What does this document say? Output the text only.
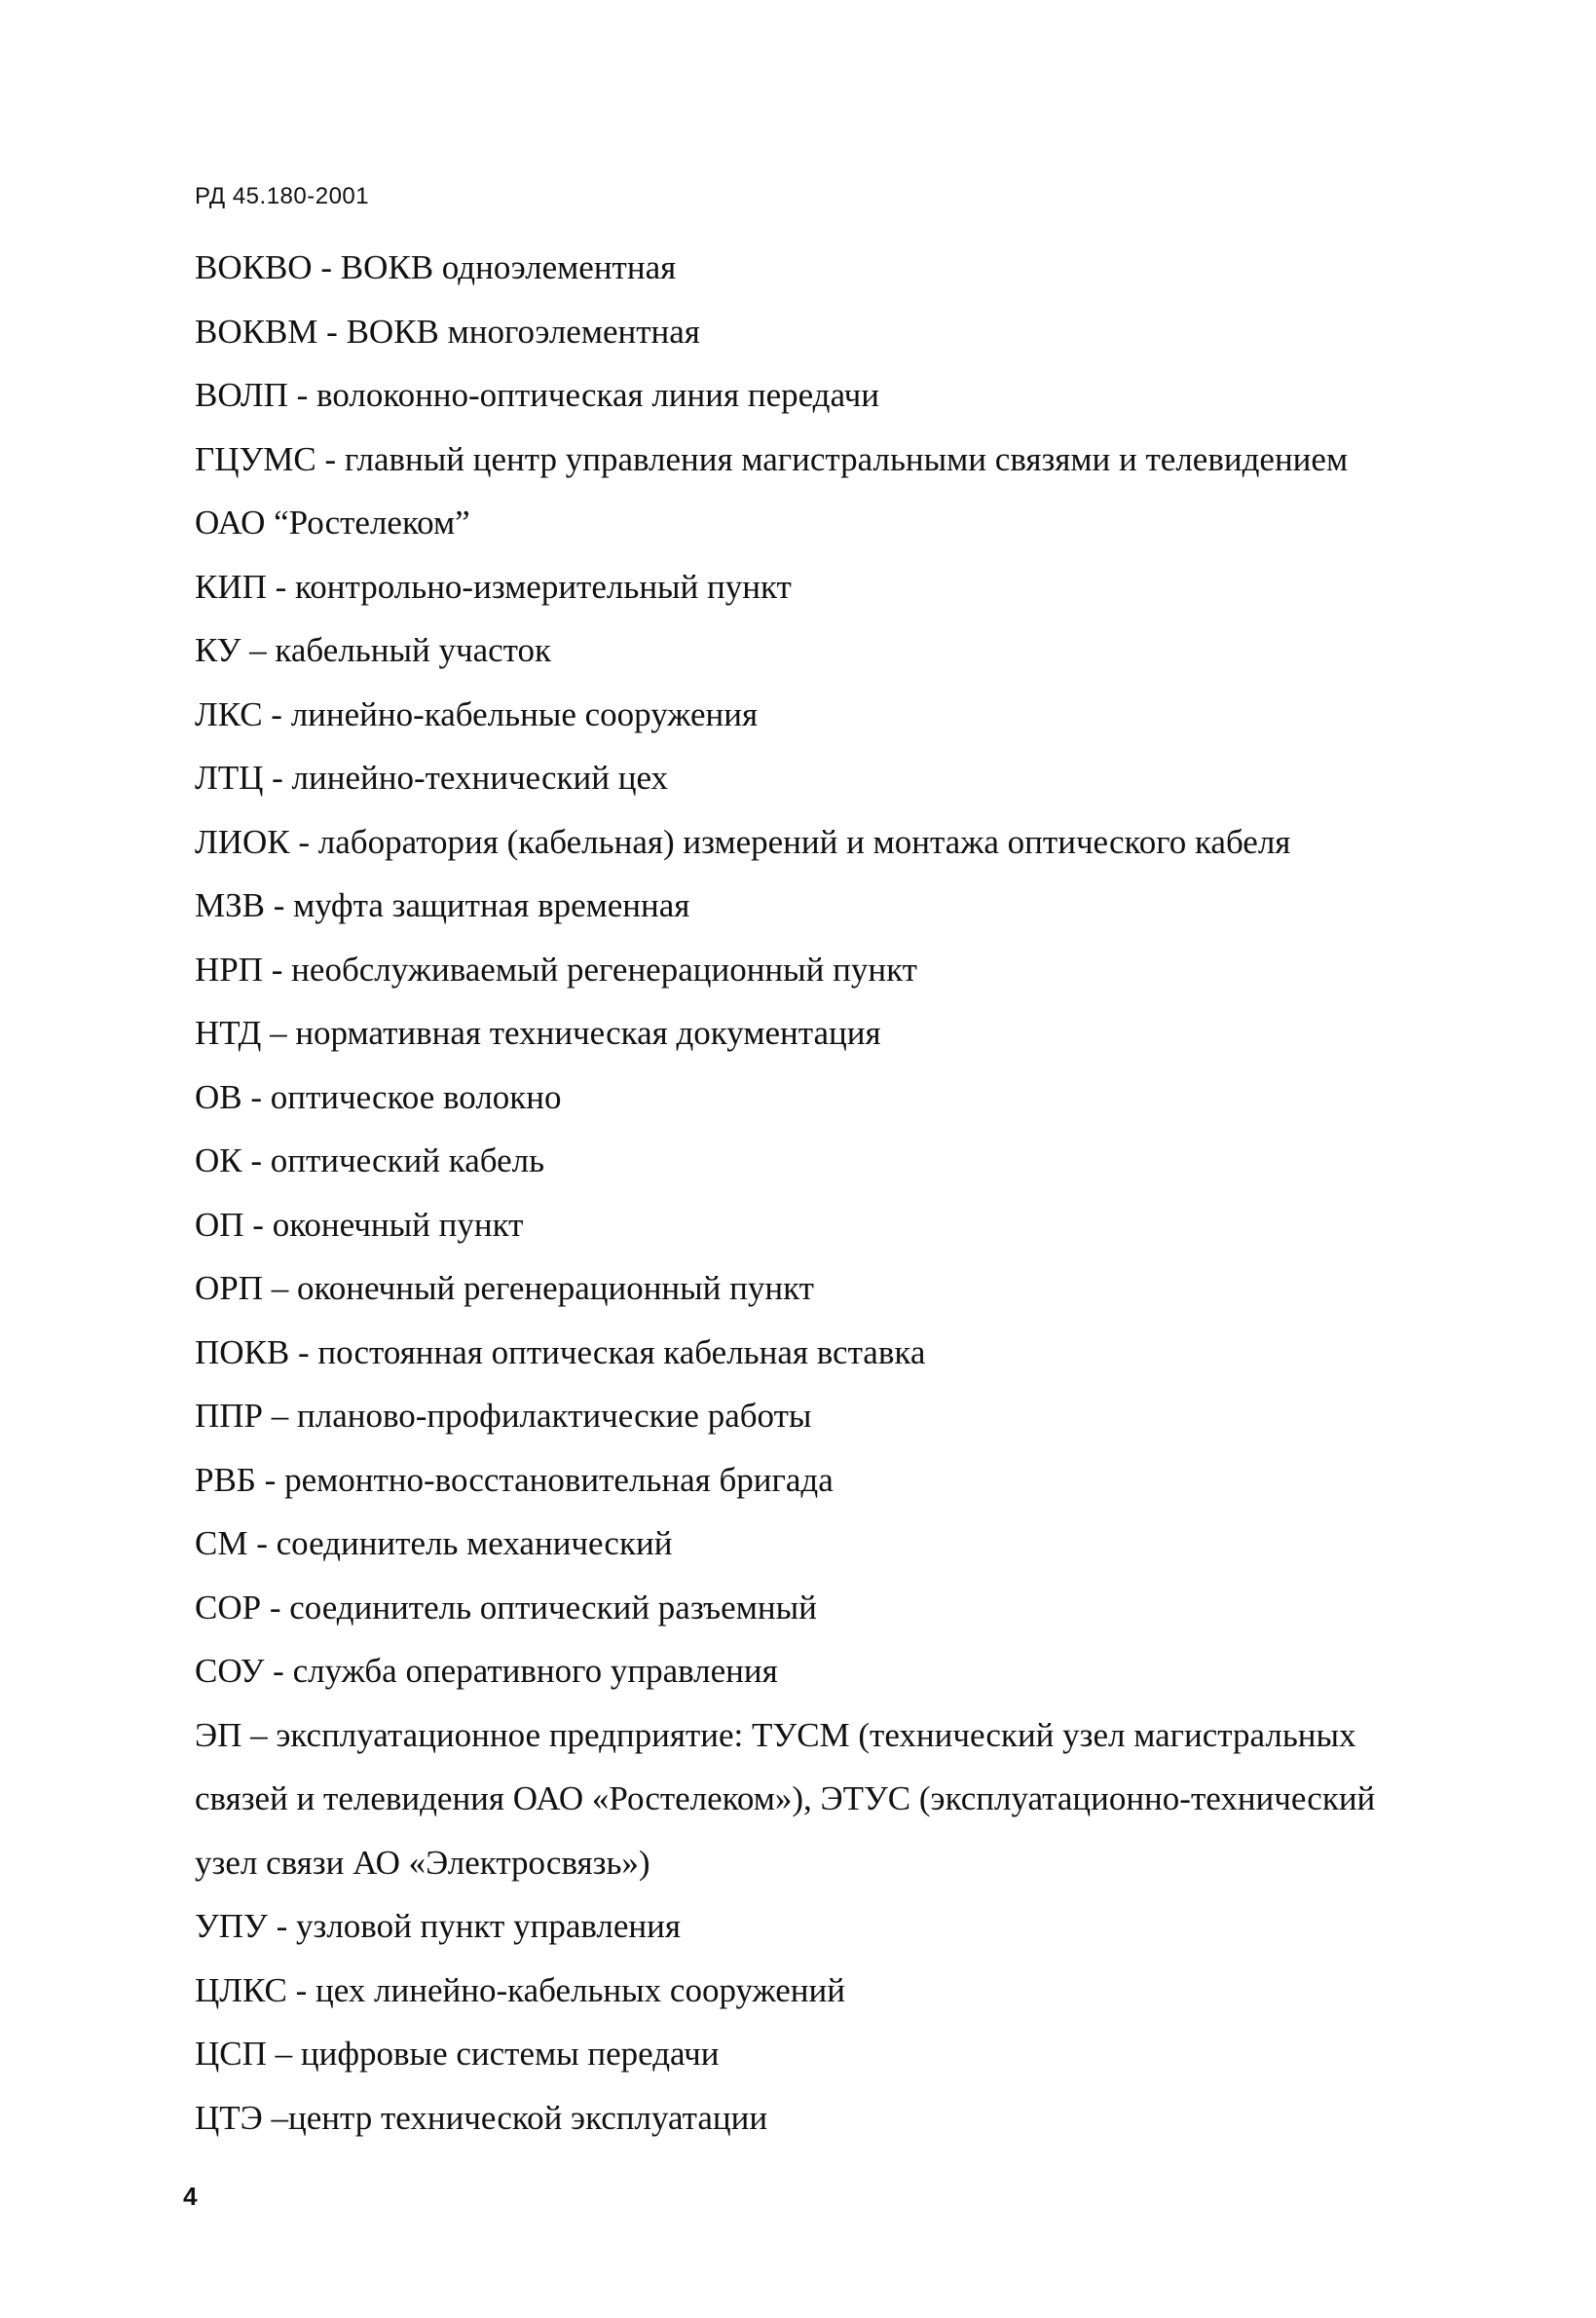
РД 45.180-2001
ВОКВО - ВОКВ одноэлементная
ВОКВМ - ВОКВ многоэлементная
ВОЛП - волоконно-оптическая линия передачи
ГЦУМС - главный центр управления магистральными связями и телевидением
ОАО “Ростелеком”
КИП - контрольно-измерительный пункт
КУ – кабельный участок
ЛКС - линейно-кабельные сооружения
ЛТЦ - линейно-технический цех
ЛИОК - лаборатория (кабельная) измерений и монтажа оптического кабеля
МЗВ - муфта защитная временная
НРП - необслуживаемый регенерационный пункт
НТД – нормативная техническая документация
ОВ - оптическое волокно
ОК - оптический кабель
ОП - оконечный пункт
ОРП – оконечный регенерационный пункт
ПОКВ - постоянная оптическая кабельная вставка
ППР – планово-профилактические работы
РВБ - ремонтно-восстановительная бригада
СМ - соединитель механический
СОР - соединитель оптический разъемный
СОУ - служба оперативного управления
ЭП – эксплуатационное предприятие: ТУСМ (технический узел магистральных связей и телевидения ОАО «Ростелеком»), ЭТУС (эксплуатационно-технический узел связи АО «Электросвязь»)
УПУ - узловой пункт управления
ЦЛКС - цех линейно-кабельных сооружений
ЦСП – цифровые системы передачи
ЦТЭ –центр технической эксплуатации
4
